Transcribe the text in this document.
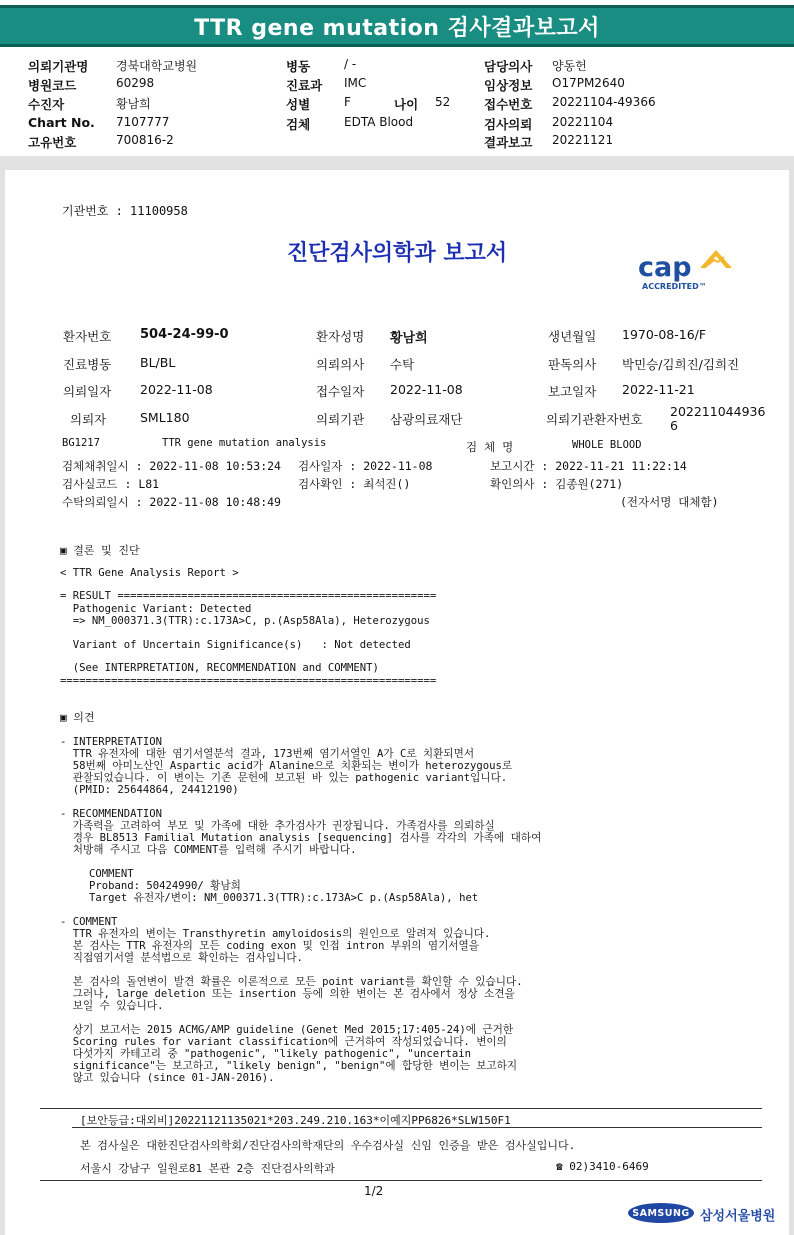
TTR gene mutation 검사결과보고서
의뢰기관명 경북대학교병원
병원코드	60298
수진자	황남희
Chart No. 7107777
고유번호	700816-2
병동	/ -
진료과 IMC
성별	F	나이 52
검체	EDTA Blood
담당의사 양동헌
임상정보 O17PM2640
접수번호 20221104-49366
검사의뢰 20221104
결과보고 20221121
기관번호 : 11100958
진단검사의학과 보고서	cap
ACCREDITED™
환자번호 504-24-99-0	환자성명 황남희	생년월일 1970-08-16/F
진료병동 BL/BL	의뢰의사 수탁	판독의사 박민승/김희진/김희진
의뢰일자 2022-11-08	접수일자 2022-11-08	보고일자 2022-11-21
의뢰자	SML180	의뢰기관 삼광의료재단	의뢰기관환자번호
202211044936
6
BG1217	TTR gene mutation analysis	검 체 명	WHOLE BLOOD
검체채취일시 : 2022-11-08 10:53:24 검사일자 : 2022-11-08	보고시간 : 2022-11-21 11:22:14
검사실코드 : L81	검사확인 : 최석진()	확인의사 : 김종원(271)
수탁의뢰일시 : 2022-11-08 10:48:49	(전자서명 대체함)
▣ 결론 및 진단
< TTR Gene Analysis Report >
= RESULT ==================================================
Pathogenic Variant: Detected
=> NM_000371.3(TTR):c.173A>C, p.(Asp58Ala), Heterozygous
Variant of Uncertain Significance(s)   : Not detected
(See INTERPRETATION, RECOMMENDATION and COMMENT)
===========================================================
▣ 의견
- INTERPRETATION
TTR 유전자에 대한 염기서열분석 결과, 173번째 염기서열인 A가 C로 치환되면서
58번째 아미노산인 Aspartic acid가 Alanine으로 치환되는 변이가 heterozygous로
관찰되었습니다. 이 변이는 기존 문헌에 보고된 바 있는 pathogenic variant입니다.
(PMID: 25644864, 24412190)
- RECOMMENDATION
가족력을 고려하여 부모 및 가족에 대한 추가검사가 권장됩니다. 가족검사를 의뢰하실
경우 BL8513 Familial Mutation analysis [sequencing] 검사를 각각의 가족에 대하여
처방해 주시고 다음 COMMENT를 입력해 주시기 바랍니다.
COMMENT
Proband: 50424990/ 황남희
Target 유전자/변이: NM_000371.3(TTR):c.173A>C p.(Asp58Ala), het
- COMMENT
TTR 유전자의 변이는 Transthyretin amyloidosis의 원인으로 알려져 있습니다.
본 검사는 TTR 유전자의 모든 coding exon 및 인접 intron 부위의 염기서열을
직접염기서열 분석법으로 확인하는 검사입니다.
본 검사의 돌연변이 발견 확률은 이론적으로 모든 point variant를 확인할 수 있습니다.
그러나, large deletion 또는 insertion 등에 의한 변이는 본 검사에서 정상 소견을
보일 수 있습니다.
상기 보고서는 2015 ACMG/AMP guideline (Genet Med 2015;17:405-24)에 근거한
Scoring rules for variant classification에 근거하여 작성되었습니다. 변이의
다섯가지 카테고리 중 "pathogenic", "likely pathogenic", "uncertain
significance"는 보고하고, "likely benign", "benign"에 합당한 변이는 보고하지
않고 있습니다 (since 01-JAN-2016).
[보안등급:대외비]20221121135021*203.249.210.163*이예지PP6826*SLW150F1
본 검사실은 대한진단검사의학회/진단검사의학재단의 우수검사실 신임 인증을 받은 검사실입니다.
서울시 강남구 일원로81 본관 2층 진단검사의학과	☎ 02)3410-6469
1/2
SAMSUNG 삼성서울병원
